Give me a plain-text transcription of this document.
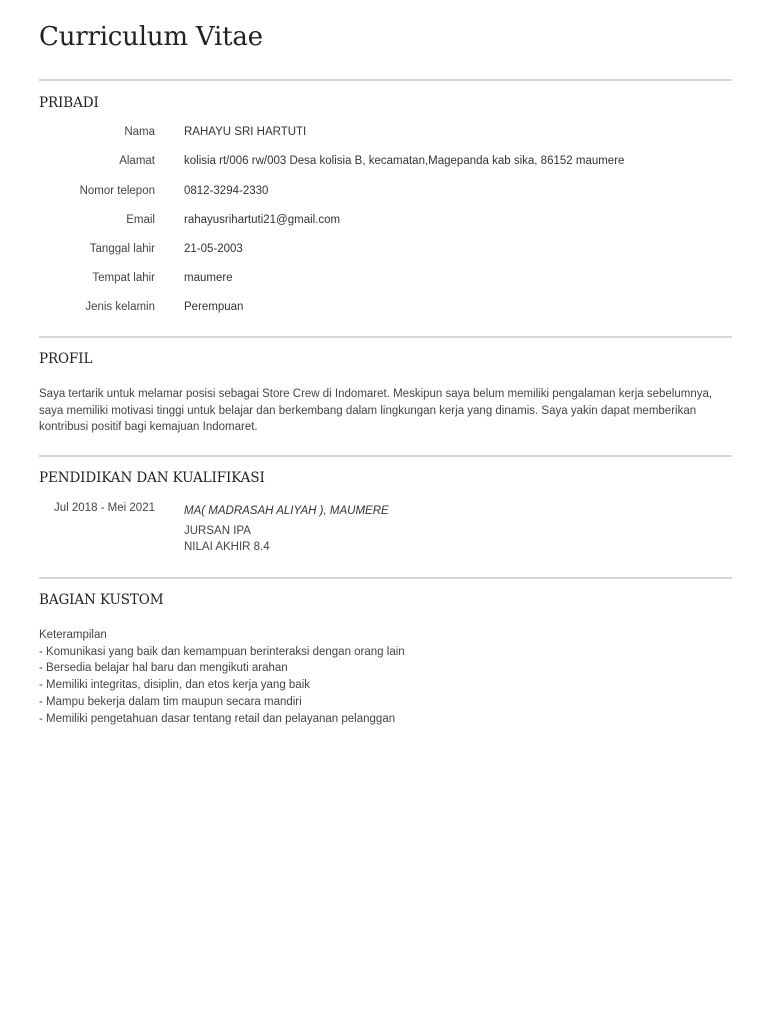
Curriculum Vitae
PRIBADI
Nama	RAHAYU SRI HARTUTI
Alamat	kolisia rt/006 rw/003 Desa kolisia B, kecamatan,Magepanda kab sika, 86152 maumere
Nomor telepon	0812-3294-2330
Email	rahayusrihartuti21@gmail.com
Tanggal lahir	21-05-2003
Tempat lahir	maumere
Jenis kelamin	Perempuan
PROFIL
Saya tertarik untuk melamar posisi sebagai Store Crew di Indomaret. Meskipun saya belum memiliki pengalaman kerja sebelumnya,
saya memiliki motivasi tinggi untuk belajar dan berkembang dalam lingkungan kerja yang dinamis. Saya yakin dapat memberikan
kontribusi positif bagi kemajuan Indomaret.
PENDIDIKAN DAN KUALIFIKASI
Jul 2018 - Mei 2021	MA( MADRASAH ALIYAH ), MAUMERE
JURSAN IPA
NILAI AKHIR 8.4
BAGIAN KUSTOM
Keterampilan
- Komunikasi yang baik dan kemampuan berinteraksi dengan orang lain
- Bersedia belajar hal baru dan mengikuti arahan
- Memiliki integritas, disiplin, dan etos kerja yang baik
- Mampu bekerja dalam tim maupun secara mandiri
- Memiliki pengetahuan dasar tentang retail dan pelayanan pelanggan
